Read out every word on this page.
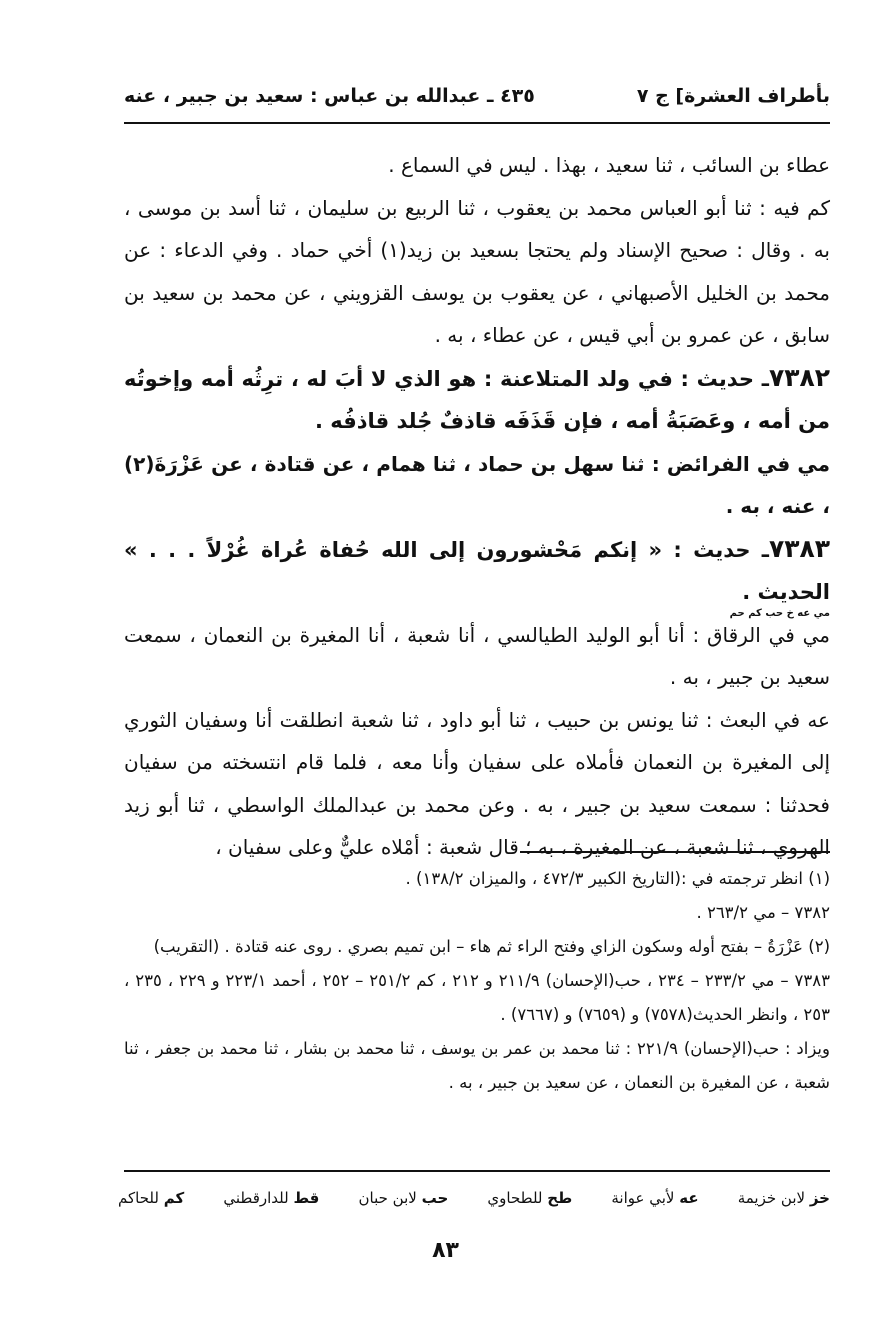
بأطراف العشرة] ج ٧
٤٣٥ ـ عبدالله بن عباس : سعيد بن جبير ، عنه

عطاء بن السائب ، ثنا سعيد ، بهذا . ليس في السماع .

كم فيه : ثنا أبو العباس محمد بن يعقوب ، ثنا الربيع بن سليمان ، ثنا أسد بن موسى ، به . وقال : صحيح الإسناد ولم يحتجا بسعيد بن زيد(١) أخي حماد . وفي الدعاء : عن محمد بن الخليل الأصبهاني ، عن يعقوب بن يوسف القزويني ، عن محمد بن سعيد بن سابق ، عن عمرو بن أبي قيس ، عن عطاء ، به .

٧٣٨٢ـ حديث : في ولد المتلاعنة : هو الذي لا أبَ له ، ترِثُه أمه وإخوتُه من أمه ، وعَصَبَةُ أمه ، فإن قَذَفَه قاذفٌ جُلد قاذفُه .

مي في الفرائض : ثنا سهل بن حماد ، ثنا همام ، عن قتادة ، عن عَزْرَةَ(٢) ، عنه ، به .

٧٣٨٣ـ حديث : « إنكم مَحْشورون إلى الله حُفاة عُراة غُرْلاً . . . » الحديث .
مي عه خ حب كم حم

مي في الرقاق : أنا أبو الوليد الطيالسي ، أنا شعبة ، أنا المغيرة بن النعمان ، سمعت سعيد بن جبير ، به .

عه في البعث : ثنا يونس بن حبيب ، ثنا أبو داود ، ثنا شعبة انطلقت أنا وسفيان الثوري إلى المغيرة بن النعمان فأملاه على سفيان وأنا معه ، فلما قام انتسخته من سفيان فحدثنا : سمعت سعيد بن جبير ، به . وعن محمد بن عبدالملك الواسطي ، ثنا أبو زيد الهروي ، ثنا شعبة ، عن المغيرة ، به ؛ قال شعبة : أمْلاه عليٌّ وعلى سفيان ،

(١) انظر ترجمته في :(التاريخ الكبير ٤٧٢/٣ ، والميزان ١٣٨/٢) .

٧٣٨٢ – مي ٢٦٣/٢ .

(٢) عَزْرَةُ – بفتح أوله وسكون الزاي وفتح الراء ثم هاء – ابن تميم بصري . روى عنه قتادة . (التقريب)

٧٣٨٣ – مي ٢٣٣/٢ – ٢٣٤ ، حب(الإحسان) ٢١١/٩ و ٢١٢ ، كم ٢٥١/٢ – ٢٥٢ ، أحمد ٢٢٣/١ و ٢٢٩ ، ٢٣٥ ، ٢٥٣ ، وانظر الحديث(٧٥٧٨) و (٧٦٥٩) و (٧٦٦٧) .

ويزاد : حب(الإحسان) ٢٢١/٩ : ثنا محمد بن عمر بن يوسف ، ثنا محمد بن بشار ، ثنا محمد بن جعفر ، ثنا شعبة ، عن المغيرة بن النعمان ، عن سعيد بن جبير ، به .

خز لابن خزيمة
عه لأبي عوانة
طح للطحاوي
حب لابن حبان
قط للدارقطني
كم للحاكم
٨٣
